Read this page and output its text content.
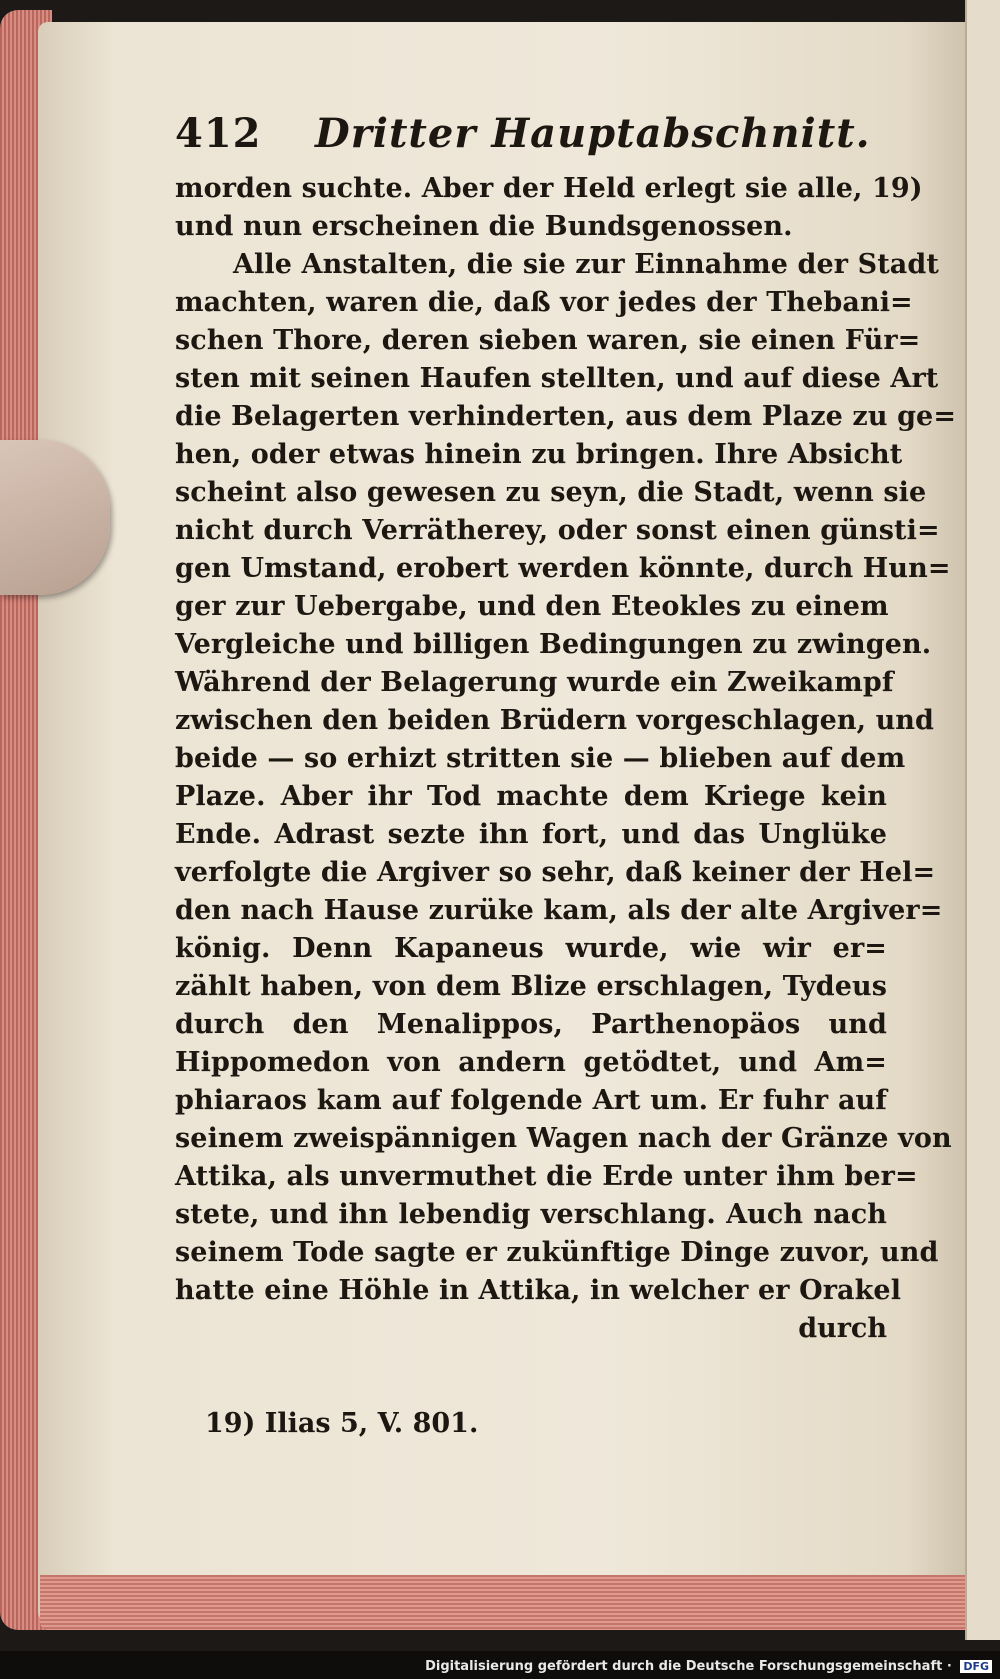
412	Dritter Hauptabschnitt.
morden suchte. Aber der Held erlegt sie alle, 19)
und nun erscheinen die Bundsgenossen.
Alle Anstalten, die sie zur Einnahme der Stadt
machten, waren die, daß vor jedes der Thebani=
schen Thore, deren sieben waren, sie einen Für=
sten mit seinen Haufen stellten, und auf diese Art
die Belagerten verhinderten, aus dem Plaze zu ge=
hen, oder etwas hinein zu bringen. Ihre Absicht
scheint also gewesen zu seyn, die Stadt, wenn sie
nicht durch Verrätherey, oder sonst einen günsti=
gen Umstand, erobert werden könnte, durch Hun=
ger zur Uebergabe, und den Eteokles zu einem
Vergleiche und billigen Bedingungen zu zwingen.
Während der Belagerung wurde ein Zweikampf
zwischen den beiden Brüdern vorgeschlagen, und
beide — so erhizt stritten sie — blieben auf dem
Plaze. Aber ihr Tod machte dem Kriege kein
Ende. Adrast sezte ihn fort, und das Unglüke
verfolgte die Argiver so sehr, daß keiner der Hel=
den nach Hause zurüke kam, als der alte Argiver=
könig. Denn Kapaneus wurde, wie wir er=
zählt haben, von dem Blize erschlagen, Tydeus
durch den Menalippos, Parthenopäos und
Hippomedon von andern getödtet, und Am=
phiaraos kam auf folgende Art um. Er fuhr auf
seinem zweispännigen Wagen nach der Gränze von
Attika, als unvermuthet die Erde unter ihm ber=
stete, und ihn lebendig verschlang. Auch nach
seinem Tode sagte er zukünftige Dinge zuvor, und
hatte eine Höhle in Attika, in welcher er Orakel
durch
19) Ilias 5, V. 801.
Digitalisierung gefördert durch die Deutsche Forschungsgemeinschaft · DFG
